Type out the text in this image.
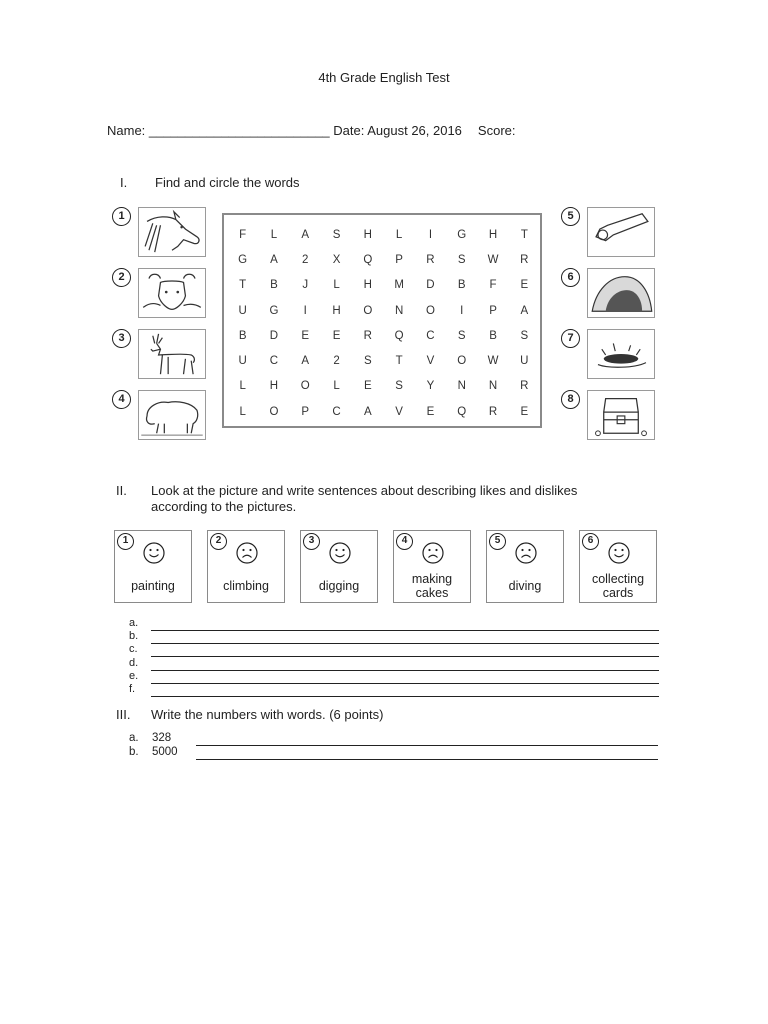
4th Grade English Test
Name: _________________________ Date: August 26, 2016 Score:
I. Find and circle the words
1
2
3
4
F	L	A	S	H	L	I	G	H	T
G	A	2	X	Q	P	R	S	W	R
T	B	J	L	H	M	D	B	F	E
U	G	I	H	O	N	O	I	P	A
B	D	E	E	R	Q	C	S	B	S
U	C	A	2	S	T	V	O	W	U
L	H	O	L	E	S	Y	N	N	R
L	O	P	C	A	V	E	Q	R	E
5
6
7
8
II. Look at the picture and write sentences about describing likes and dislikes
according to the pictures.
1
painting
2
climbing
3
digging
4
making
cakes
5
diving
6
collecting
cards
a.
b.
c.
d.
e.
f.
III. Write the numbers with words. (6 points)
a. 328
b. 5000
